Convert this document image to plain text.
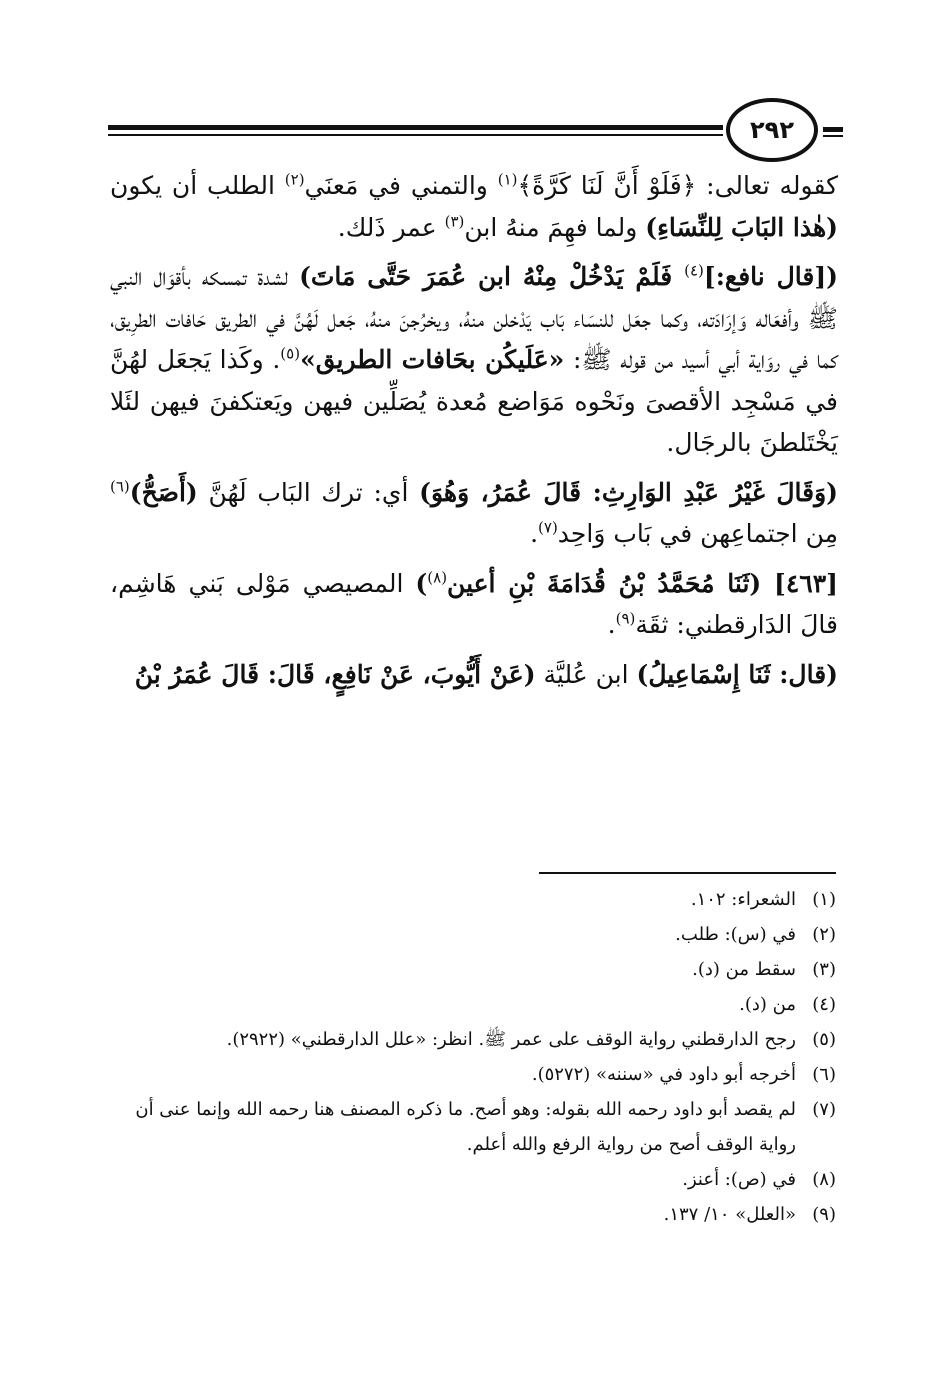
٢٩٢

كقوله تعالى: ﴿فَلَوْ أَنَّ لَنَا كَرَّةً﴾$^{(١)}$ والتمني في مَعنَي$^{(٢)}$ الطلب أن يكون (هٰذا البَابَ لِلنِّسَاءِ) ولما فهِمَ منهُ ابن$^{(٣)}$ عمر ذَلك.

([قال نافع:]$^{(٤)}$ فَلَمْ يَدْخُلْ مِنْهُ ابن عُمَرَ حَتَّى مَاتَ) لشدة تمسكه بأقوَال النبي ﷺ وأفعَاله وَإرَادَته، وكما جعَل للنسَاء بَاب يَدْخلن منهُ، ويخرُجنَ منهُ، جَعل لَهُنَّ في الطريق حَافات الطرِيق، كما في روَاية أبي أسيد من قوله ﷺ: «عَلَيكُن بحَافات الطريق»$^{(٥)}$. وكَذا يَجعَل لهُنَّ في مَسْجِد الأقصىَ ونَحْوه مَوَاضع مُعدة يُصَلِّين فيهن ويَعتكفنَ فيهن لئَلا يَخْتَلطنَ بالرجَال.

(وَقَالَ غَيْرُ عَبْدِ الوَارِثِ: قَالَ عُمَرُ، وَهُوَ) أي: ترك البَاب لَهُنَّ (أَصَحُّ)$^{(٦)}$ مِن اجتماعِهن في بَاب وَاحِد$^{(٧)}$.

[٤٦٣] (ثَنَا مُحَمَّدُ بْنُ قُدَامَةَ بْنِ أعين$^{(٨)}$) المصيصي مَوْلى بَني هَاشِم، قالَ الدَارقطني: ثقَة$^{(٩)}$.

(قال: ثَنَا إِسْمَاعِيلُ) ابن عُليَّة (عَنْ أَيُّوبَ، عَنْ نَافِعٍ، قَالَ: قَالَ عُمَرُ بْنُ

(١)
الشعراء: ١٠٢.
(٢)
في (س): طلب.
(٣)
سقط من (د).
(٤)
من (د).
(٥)
رجح الدارقطني رواية الوقف على عمر ﷺ. انظر: «علل الدارقطني» (٢٩٢٢).
(٦)
أخرجه أبو داود في «سننه» (٥٢٧٢).
(٧)
لم يقصد أبو داود رحمه الله بقوله: وهو أصح. ما ذكره المصنف هنا رحمه الله وإنما عنى أن رواية الوقف أصح من رواية الرفع والله أعلم.
(٨)
في (ص): أعنز.
(٩)
«العلل» ١٠/ ١٣٧.
